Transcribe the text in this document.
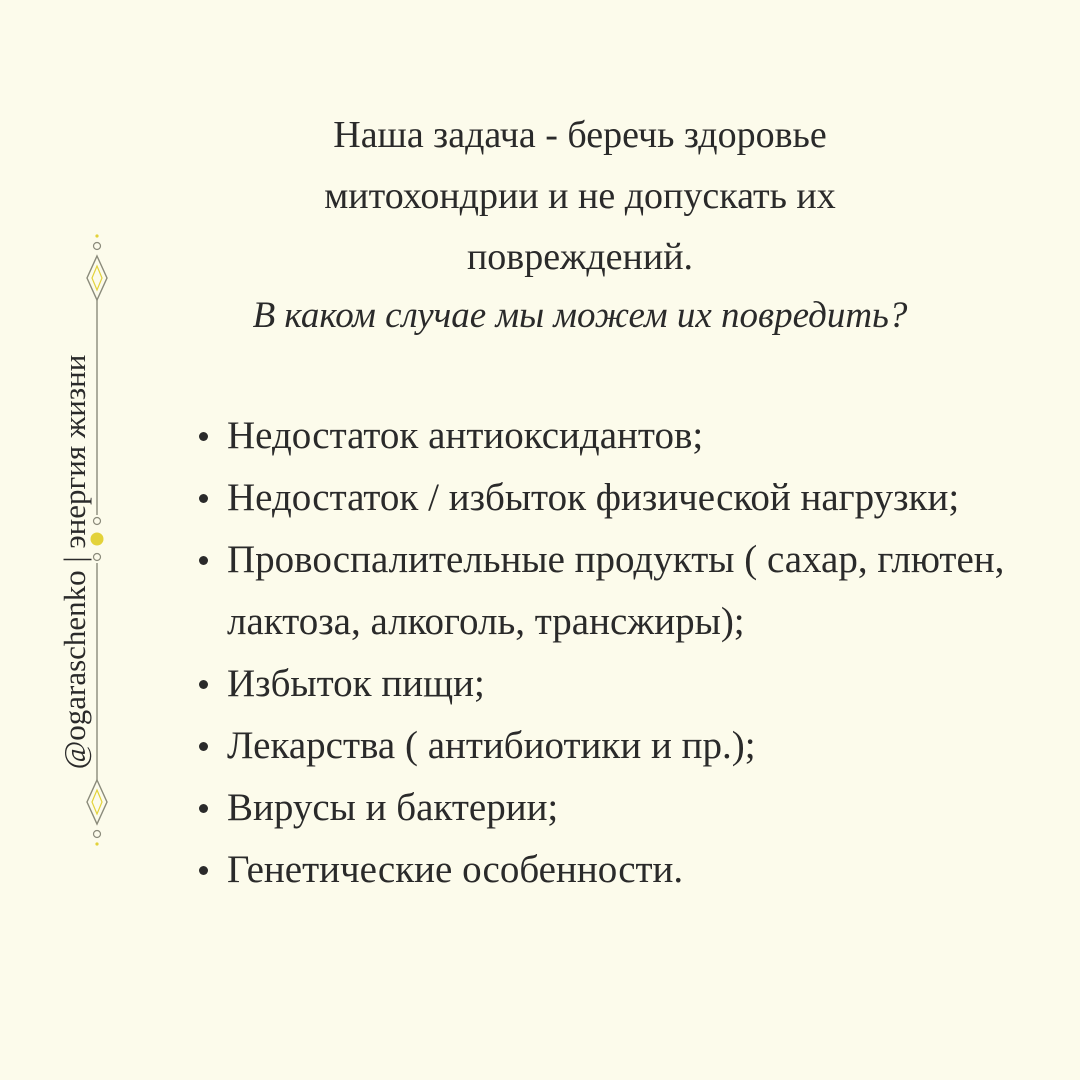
@ogaraschenko | энергия жизни
Наша задача - беречь здоровье
митохондрии и не допускать их
повреждений.
В каком случае мы можем их повредить?
Недостаток антиоксидантов;
Недостаток / избыток физической нагрузки;
Провоспалительные продукты ( сахар, глютен, лактоза, алкоголь, трансжиры);
Избыток пищи;
Лекарства ( антибиотики и пр.);
Вирусы и бактерии;
Генетические особенности.
